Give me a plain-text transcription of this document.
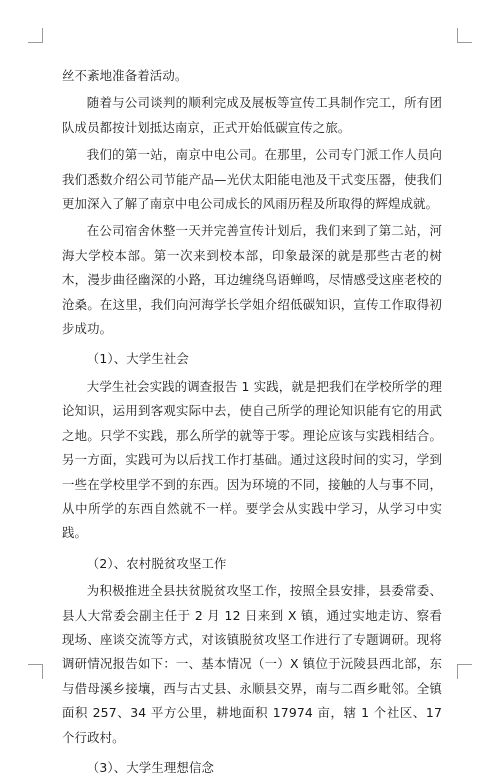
丝不紊地准备着活动。

随着与公司谈判的顺利完成及展板等宣传工具制作完工，所有团队成员都按计划抵达南京，正式开始低碳宣传之旅。

我们的第一站，南京中电公司。在那里，公司专门派工作人员向我们悉数介绍公司节能产品—光伏太阳能电池及干式变压器，使我们更加深入了解了南京中电公司成长的风雨历程及所取得的辉煌成就。

在公司宿舍休整一天并完善宣传计划后，我们来到了第二站，河海大学校本部。第一次来到校本部，印象最深的就是那些古老的树木，漫步曲径幽深的小路，耳边缠绕鸟语蝉鸣，尽情感受这座老校的沧桑。在这里，我们向河海学长学姐介绍低碳知识，宣传工作取得初步成功。

（1）、大学生社会

大学生社会实践的调查报告 1 实践，就是把我们在学校所学的理论知识，运用到客观实际中去，使自己所学的理论知识能有它的用武之地。只学不实践，那么所学的就等于零。理论应该与实践相结合。另一方面，实践可为以后找工作打基础。通过这段时间的实习，学到一些在学校里学不到的东西。因为环境的不同，接触的人与事不同，从中所学的东西自然就不一样。要学会从实践中学习，从学习中实践。

（2）、农村脱贫攻坚工作

为积极推进全县扶贫脱贫攻坚工作，按照全县安排，县委常委、县人大常委会副主任于 2 月 12 日来到 X 镇，通过实地走访、察看现场、座谈交流等方式，对该镇脱贫攻坚工作进行了专题调研。现将调研情况报告如下：一、基本情况（一）X 镇位于沅陵县西北部，东与借母溪乡接壤，西与古丈县、永顺县交界，南与二酉乡毗邻。全镇面积 257、34 平方公里，耕地面积 17974 亩，辖 1 个社区、17 个行政村。

（3）、大学生理想信念
